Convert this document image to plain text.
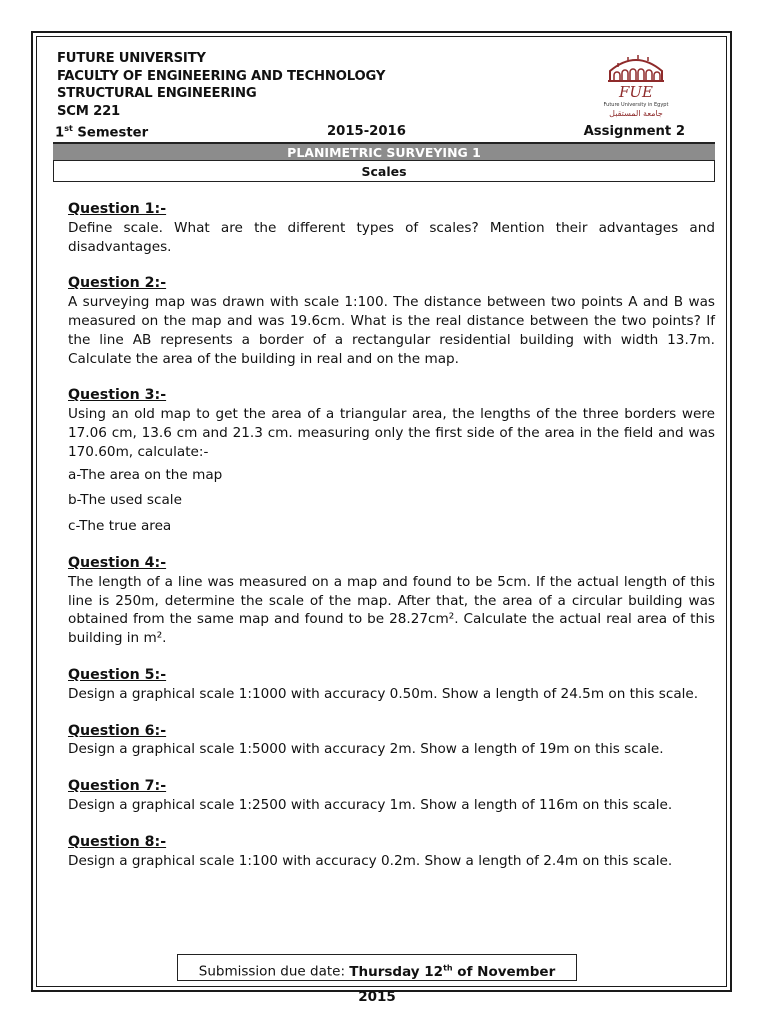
FUTURE UNIVERSITY
FACULTY OF ENGINEERING AND TECHNOLOGY
STRUCTURAL ENGINEERING
SCM 221
FUE
Future University in Egypt
جامعة المستقبل
1st Semester	2015-2016	Assignment 2
PLANIMETRIC SURVEYING 1
Scales
Question 1:-
Define scale. What are the different types of scales? Mention their advantages and disadvantages.
Question 2:-
A surveying map was drawn with scale 1:100. The distance between two points A and B was measured on the map and was 19.6cm. What is the real distance between the two points? If the line AB represents a border of a rectangular residential building with width 13.7m. Calculate the area of the building in real and on the map.
Question 3:-
Using an old map to get the area of a triangular area, the lengths of the three borders were 17.06 cm, 13.6 cm and 21.3 cm. measuring only the first side of the area in the field and was 170.60m, calculate:-
a-The area on the map
b-The used scale
c-The true area
Question 4:-
The length of a line was measured on a map and found to be 5cm. If the actual length of this line is 250m, determine the scale of the map. After that, the area of a circular building was obtained from the same map and found to be 28.27cm². Calculate the actual real area of this building in m².
Question 5:-
Design a graphical scale 1:1000 with accuracy 0.50m. Show a length of 24.5m on this scale.
Question 6:-
Design a graphical scale 1:5000 with accuracy 2m. Show a length of 19m on this scale.
Question 7:-
Design a graphical scale 1:2500 with accuracy 1m. Show a length of 116m on this scale.
Question 8:-
Design a graphical scale 1:100 with accuracy 0.2m. Show a length of 2.4m on this scale.
Submission due date: Thursday 12th of November 2015
